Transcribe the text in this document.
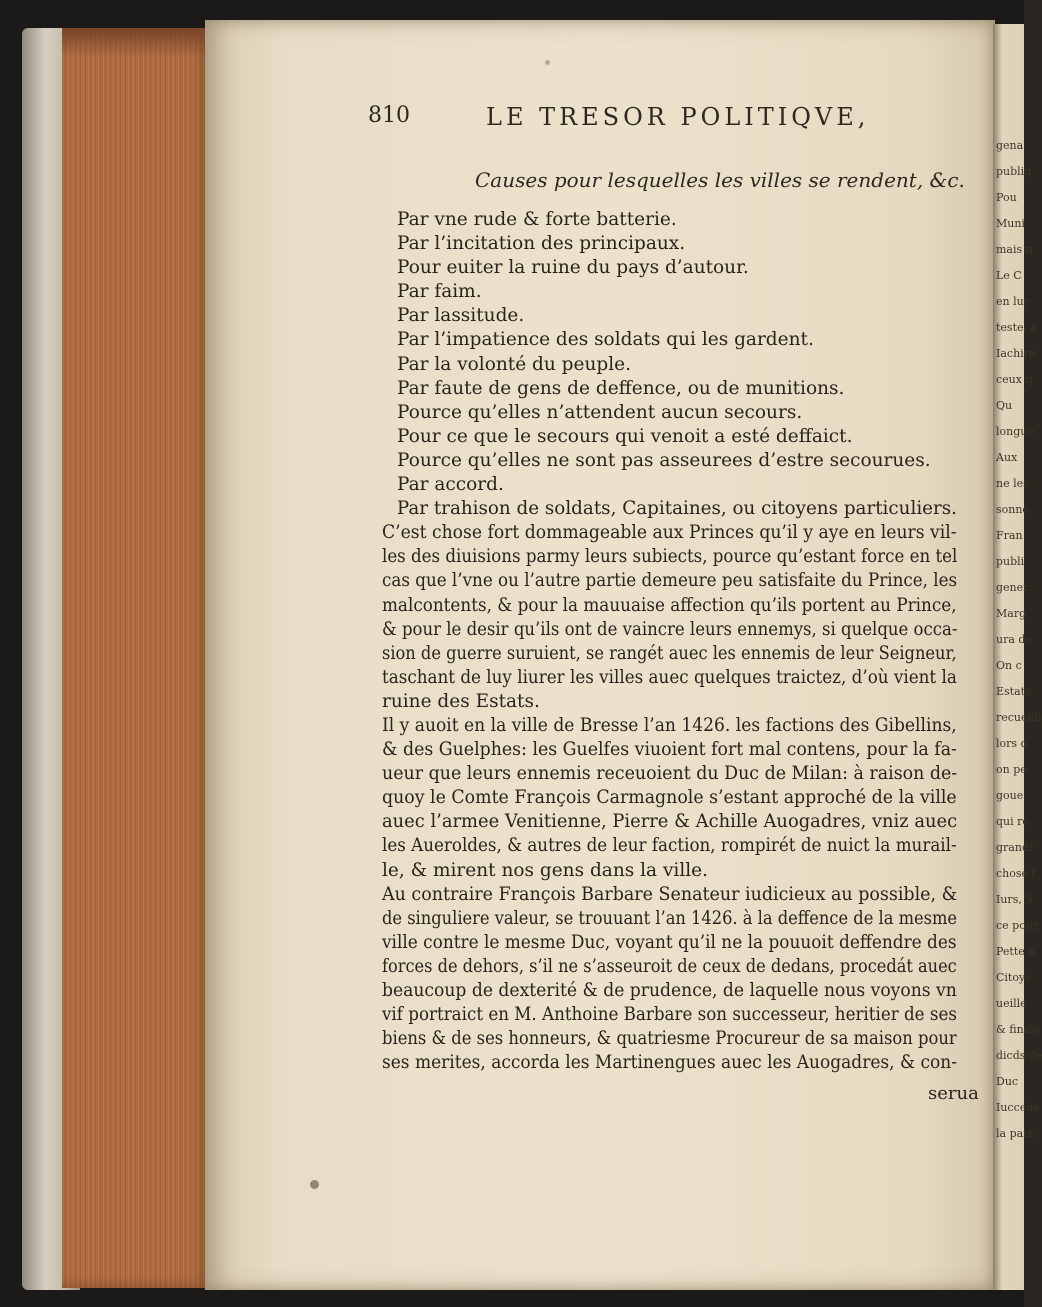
gena
publiq
Pou
Muni
mais n
Le C
en luy
teste, a
Iachire
ceux q
Qu
longue
Aux
ne les
sonne
Fran
publi
gener
Marg
ura de
On c
Estats
recueilli
lors d
on pe
goue
qui re
grandr
chose l
Iurs, S
ce pour
Pette a
Citoye
ueille
& finale
dicds de
Duc
Iuccede
la paix,
810	LE TRESOR POLITIQVE,
Causes pour lesquelles les villes se rendent, &c.
Par vne rude & forte batterie.
Par l’incitation des principaux.
Pour euiter la ruine du pays d’autour.
Par faim.
Par lassitude.
Par l’impatience des soldats qui les gardent.
Par la volonté du peuple.
Par faute de gens de deffence, ou de munitions.
Pource qu’elles n’attendent aucun secours.
Pour ce que le secours qui venoit a esté deffaict.
Pource qu’elles ne sont pas asseurees d’estre secourues.
Par accord.
Par trahison de soldats, Capitaines, ou citoyens particuliers.
C’est chose fort dommageable aux Princes qu’il y aye en leurs vil-
les des diuisions parmy leurs subiects, pource qu’estant force en tel
cas que l’vne ou l’autre partie demeure peu satisfaite du Prince, les
malcontents, & pour la mauuaise affection qu’ils portent au Prince,
& pour le desir qu’ils ont de vaincre leurs ennemys, si quelque occa-
sion de guerre suruient, se rangét auec les ennemis de leur Seigneur,
taschant de luy liurer les villes auec quelques traictez, d’où vient la
ruine des Estats.
Il y auoit en la ville de Bresse l’an 1426. les factions des Gibellins,
& des Guelphes: les Guelfes viuoient fort mal contens, pour la fa-
ueur que leurs ennemis receuoient du Duc de Milan: à raison de-
quoy le Comte François Carmagnole s’estant approché de la ville
auec l’armee Venitienne, Pierre & Achille Auogadres, vniz auec
les Aueroldes, & autres de leur faction, rompirét de nuict la murail-
le, & mirent nos gens dans la ville.
Au contraire François Barbare Senateur iudicieux au possible, &
de singuliere valeur, se trouuant l’an 1426. à la deffence de la mesme
ville contre le mesme Duc, voyant qu’il ne la pouuoit deffendre des
forces de dehors, s’il ne s’asseuroit de ceux de dedans, procedát auec
beaucoup de dexterité & de prudence, de laquelle nous voyons vn
vif portraict en M. Anthoine Barbare son successeur, heritier de ses
biens & de ses honneurs, & quatriesme Procureur de sa maison pour
ses merites, accorda les Martinengues auec les Auogadres, & con-
serua
